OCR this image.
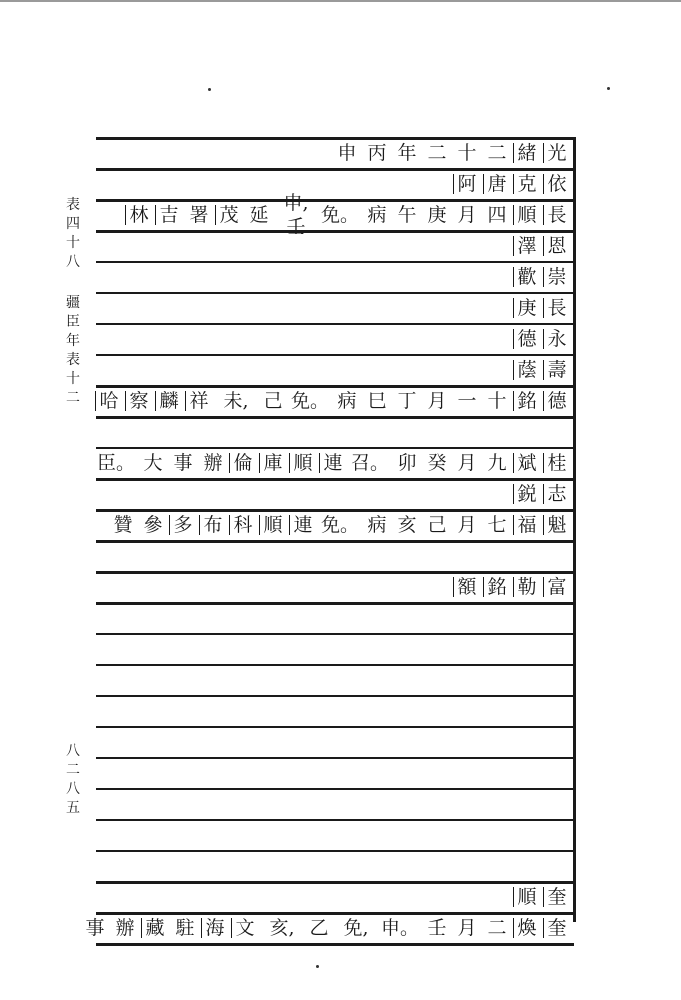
表
四
十
八

疆
臣
年
表
十
二
八
二
八
五
光
緒
二
十
二
年
丙
申
依
克
唐
阿
長
順
四
月
庚
午
病
免。
申,壬
延
茂
署
吉
林
恩
澤
崇
歡
長
庚
永
德
壽
蔭
德
銘
十
一
月
丁
巳
病
免。
己
未,
祥
麟
察
哈
桂
斌
九
月
癸
卯
召。
連
順
庫
倫
辦
事
大
臣。
志
鋭
魁
福
七
月
己
亥
病
免。
連
順
科
布
多
參
贊
富
勒
銘
額
奎
順
奎
煥
二
月
壬
申。
免,
乙
亥,
文
海
駐
藏
辦
事
